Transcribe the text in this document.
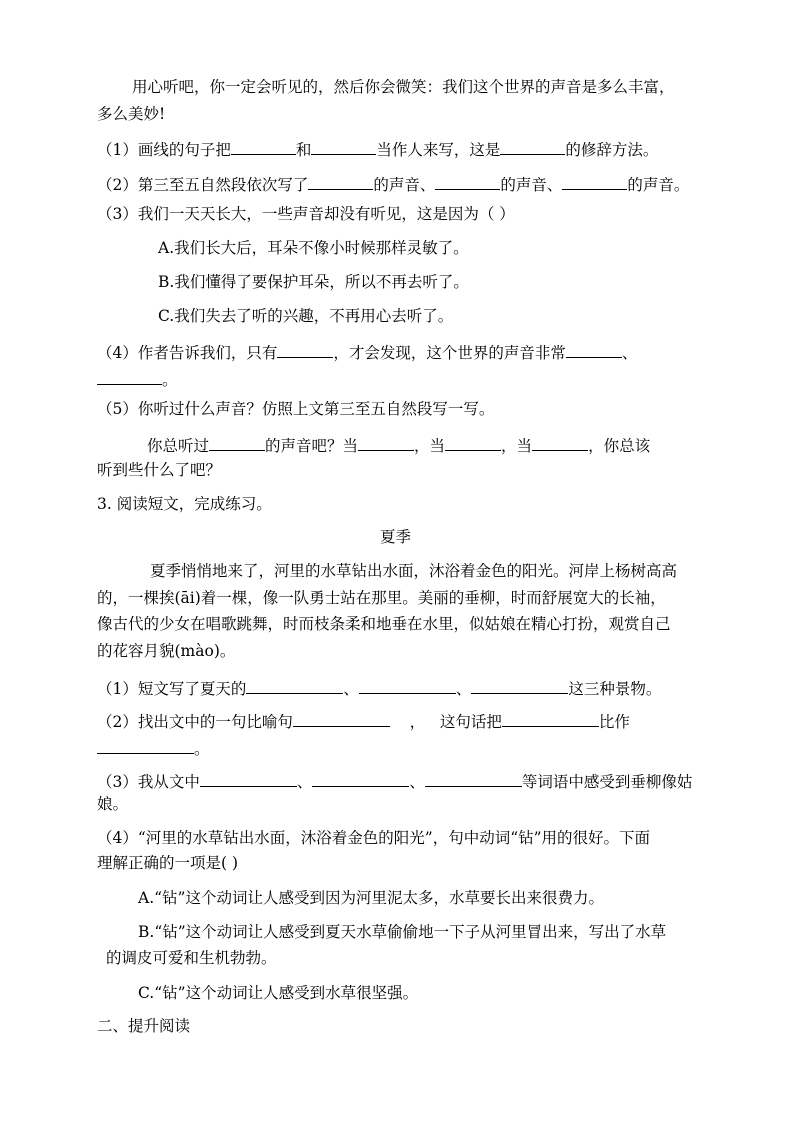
用心听吧，你一定会听见的，然后你会微笑：我们这个世界的声音是多么丰富，
多么美妙!
（1）画线的句子把	和	当作人来写，这是	的修辞方法。
（2）第三至五自然段依次写了	的声音、	的声音、	的声音。
（3）我们一天天长大，一些声音却没有听见，这是因为（ ）
A.我们长大后，耳朵不像小时候那样灵敏了。
B.我们懂得了要保护耳朵，所以不再去听了。
C.我们失去了听的兴趣，不再用心去听了。
（4）作者告诉我们，只有	，才会发现，这个世界的声音非常	、
。
（5）你听过什么声音？仿照上文第三至五自然段写一写。
你总听过	的声音吧？当	，当	，当	，你总该
听到些什么了吧？
3. 阅读短文，完成练习。
夏季
夏季悄悄地来了，河里的水草钻出水面，沐浴着金色的阳光。河岸上杨树高高
的，一棵挨(āi)着一棵，像一队勇士站在那里。美丽的垂柳，时而舒展宽大的长袖，
像古代的少女在唱歌跳舞，时而枝条柔和地垂在水里，似姑娘在精心打扮，观赏自己
的花容月貌(mào)。
（1）短文写了夏天的	、	、	这三种景物。
（2）找出文中的一句比喻句	，   这句话把	比作
。
（3）我从文中	、	、	等词语中感受到垂柳像姑
娘。
（4）“河里的水草钻出水面，沐浴着金色的阳光”，句中动词“钻”用的很好。下面
理解正确的一项是( )
A.“钻”这个动词让人感受到因为河里泥太多，水草要长出来很费力。
B.“钻”这个动词让人感受到夏天水草偷偷地一下子从河里冒出来，写出了水草
的调皮可爱和生机勃勃。
C.“钻”这个动词让人感受到水草很坚强。
二、提升阅读
